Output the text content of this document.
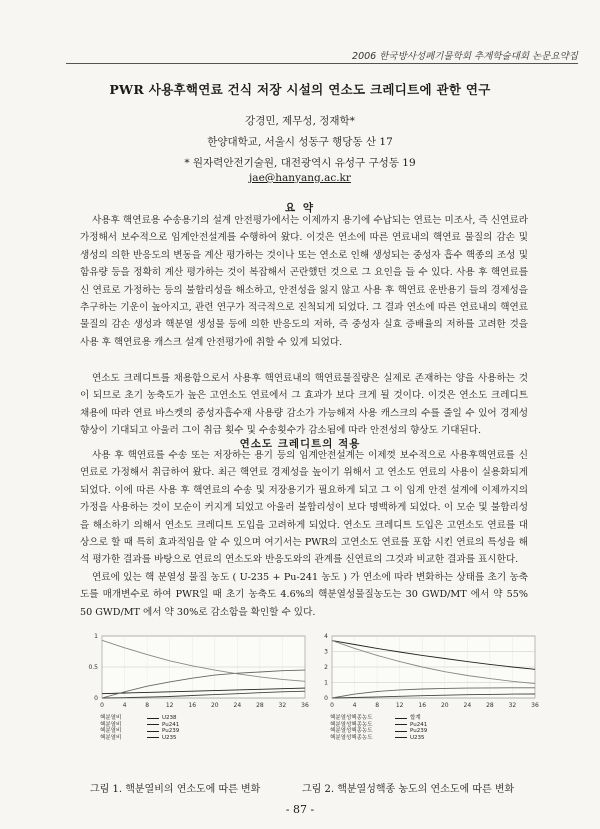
2006 한국방사성폐기물학회 추계학술대회 논문요약집
PWR 사용후핵연료 건식 저장 시설의 연소도 크레디트에 관한 연구
강경민, 제무성, 정재학*
한양대학교, 서울시 성동구 행당동 산 17
* 원자력안전기술원, 대전광역시 유성구 구성동 19
jae@hanyang.ac.kr
요 약

사용후 핵연료용 수송용기의 설계 안전평가에서는 이제까지 용기에 수납되는 연료는 미조사, 즉 신연료라 가정해서 보수적으로 임계안전설계를 수행하여 왔다. 이것은 연소에 따른 연료내의 핵연료 물질의 감손 및 생성의 의한 반응도의 변동을 계산 평가하는 것이나 또는 연소로 인해 생성되는 중성자 흡수 핵종의 조성 및 함유량 등을 정확히 계산 평가하는 것이 복잡해서 곤란했던 것으로 그 요인을 들 수 있다. 사용 후 핵연료를 신 연료로 가정하는 등의 불합리성을 해소하고, 안전성을 잃지 않고 사용 후 핵연료 운반용기 들의 경제성을 추구하는 기운이 높아지고, 관련 연구가 적극적으로 진척되게 되었다. 그 결과 연소에 따른 연료내의 핵연료 물질의 감손 생성과 핵분열 생성물 등에 의한 반응도의 저하, 즉 중성자 실효 증배율의 저하를 고려한 것을 사용 후 핵연료용 캐스크 설계 안전평가에 취할 수 있게 되었다.

연소도 크레디트를 채용함으로서 사용후 핵연료내의 핵연료물질량은 실제로 존재하는 양을 사용하는 것이 되므로 초기 농축도가 높은 고연소도 연료에서 그 효과가 보다 크게 될 것이다. 이것은 연소도 크레디트 채용에 따라 연료 바스켓의 중성자흡수재 사용량 감소가 가능해져 사용 캐스크의 수를 줄일 수 있어 경제성 향상이 기대되고 아울러 그이 취급 횟수 및 수송횟수가 감소됨에 따라 안전성의 향상도 기대된다.

연소도 크레디트의 적용

사용 후 핵연료를 수송 또는 저장하는 용기 등의 임계안전설계는 이제껏 보수적으로 사용후핵연료를 신 연료로 가정해서 취급하여 왔다. 최근 핵연료 경제성을 높이기 위해서 고 연소도 연료의 사용이 실용화되게 되었다. 이에 따른 사용 후 핵연료의 수송 및 저장용기가 필요하게 되고 그 이 임계 안전 설계에 이제까지의 가정을 사용하는 것이 모순이 커지게 되었고 아울러 불합리성이 보다 명백하게 되었다. 이 모순 및 불합리성을 해소하기 의해서 연소도 크레디트 도입을 고려하게 되었다. 연소도 크레디트 도입은 고연소도 연료를 대상으로 할 때 특히 효과적임을 알 수 있으며 여기서는 PWR의 고연소도 연료를 포함 시킨 연료의 특성을 해석 평가한 결과를 바탕으로 연료의 연소도와 반응도와의 관계를 신연료의 그것과 비교한 결과를 표시한다.

연료에 있는 핵 분열성 물질 농도 ( U-235 + Pu-241 농도 ) 가 연소에 따라 변화하는 상태를 초기 농축도를 매개변수로 하여 PWR일 때 초기 농축도 4.6%의 핵분열성물질농도는 30 GWD/MT 에서 약 55% 50 GWD/MT 에서 약 30%로 감소함을 확인할 수 있다.

0
0.5
1
0	4	8	12 16 20 24 28 32 36
핵분열비	U238
핵분열비	Pu241
핵분열비	Pu239
핵분열비	U235
0
1
2
3
4
0	4	8	12 16 20 24 28 32 36
핵분열성핵종농도	합계
핵분열성핵종농도	Pu241
핵분열성핵종농도	Pu239
핵분열성핵종농도	U235
그림 1. 핵분열비의 연소도에 따른 변화	그림 2. 핵분열성핵종 농도의 연소도에 따른 변화
- 87 -
